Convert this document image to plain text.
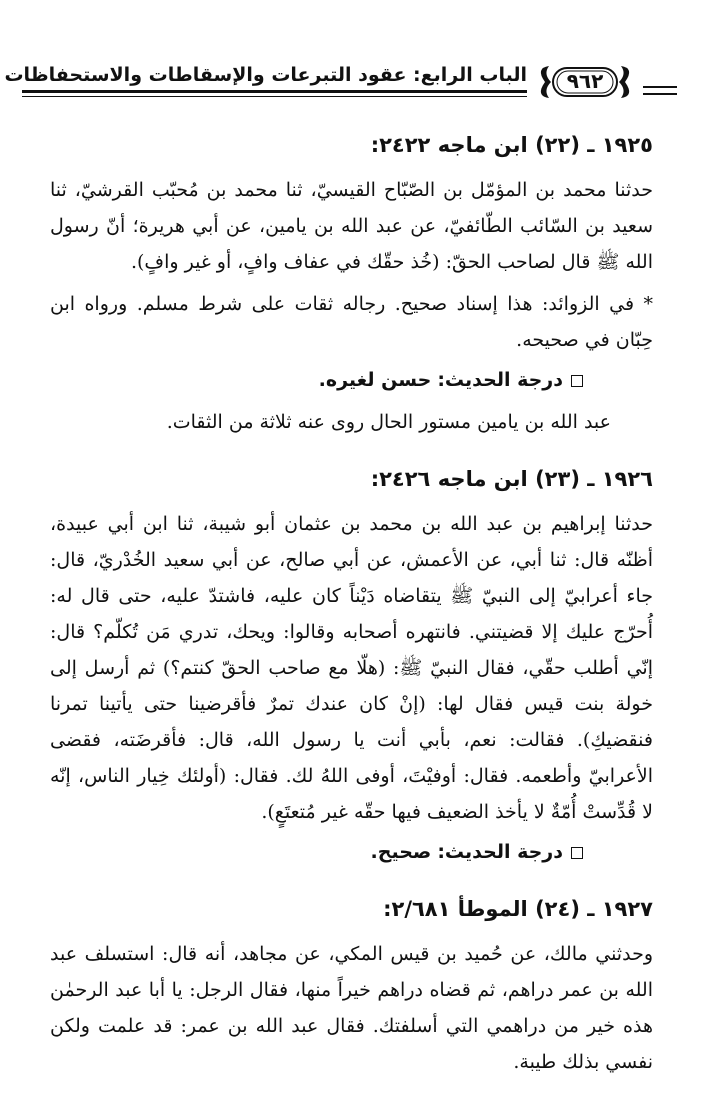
٩٦٢
الباب الرابع: عقود التبرعات والإسقاطات والاستحفاظات
١٩٢٥ ـ (٢٢) ابن ماجه ٢٤٢٢:

حدثنا محمد بن المؤمّل بن الصّبّاح القيسيّ، ثنا محمد بن مُحبّب القرشيّ، ثنا سعيد بن السّائب الطّائفيّ، عن عبد الله بن يامين، عن أبي هريرة؛ أنّ رسول الله ﷺ قال لصاحب الحقّ: (خُذ حقّك في عفاف وافٍ، أو غير وافٍ).

* في الزوائد: هذا إسناد صحيح. رجاله ثقات على شرط مسلم. ورواه ابن حِبّان في صحيحه.

درجة الحديث: حسن لغيره.

عبد الله بن يامين مستور الحال روى عنه ثلاثة من الثقات.

١٩٢٦ ـ (٢٣) ابن ماجه ٢٤٢٦:

حدثنا إبراهيم بن عبد الله بن محمد بن عثمان أبو شيبة، ثنا ابن أبي عبيدة، أظنّه قال: ثنا أبي، عن الأعمش، عن أبي صالح، عن أبي سعيد الخُدْريّ، قال: جاء أعرابيّ إلى النبيّ ﷺ يتقاضاه دَيْناً كان عليه، فاشتدّ عليه، حتى قال له: أُحرّج عليك إلا قضيتني. فانتهره أصحابه وقالوا: ويحك، تدري مَن تُكلّم؟ قال: إنّي أطلب حقّي، فقال النبيّ ﷺ: (هلّا مع صاحب الحقّ كنتم؟) ثم أرسل إلى خولة بنت قيس فقال لها: (إنْ كان عندك تمرٌ فأقرضينا حتى يأتينا تمرنا فنقضيكِ). فقالت: نعم، بأبي أنت يا رسول الله، قال: فأقرضَته، فقضى الأعرابيّ وأطعمه. فقال: أوفيْتَ، أوفى اللهُ لك. فقال: (أولئك خِيار الناس، إنّه لا قُدِّستْ أُمّةٌ لا يأخذ الضعيف فيها حقّه غير مُتعتَعٍ).

درجة الحديث: صحيح.

١٩٢٧ ـ (٢٤) الموطأ ٢/٦٨١:

وحدثني مالك، عن حُميد بن قيس المكي، عن مجاهد، أنه قال: استسلف عبد الله بن عمر دراهم، ثم قضاه دراهم خيراً منها، فقال الرجل: يا أبا عبد الرحمٰن هذه خير من دراهمي التي أسلفتك. فقال عبد الله بن عمر: قد علمت ولكن نفسي بذلك طيبة.
